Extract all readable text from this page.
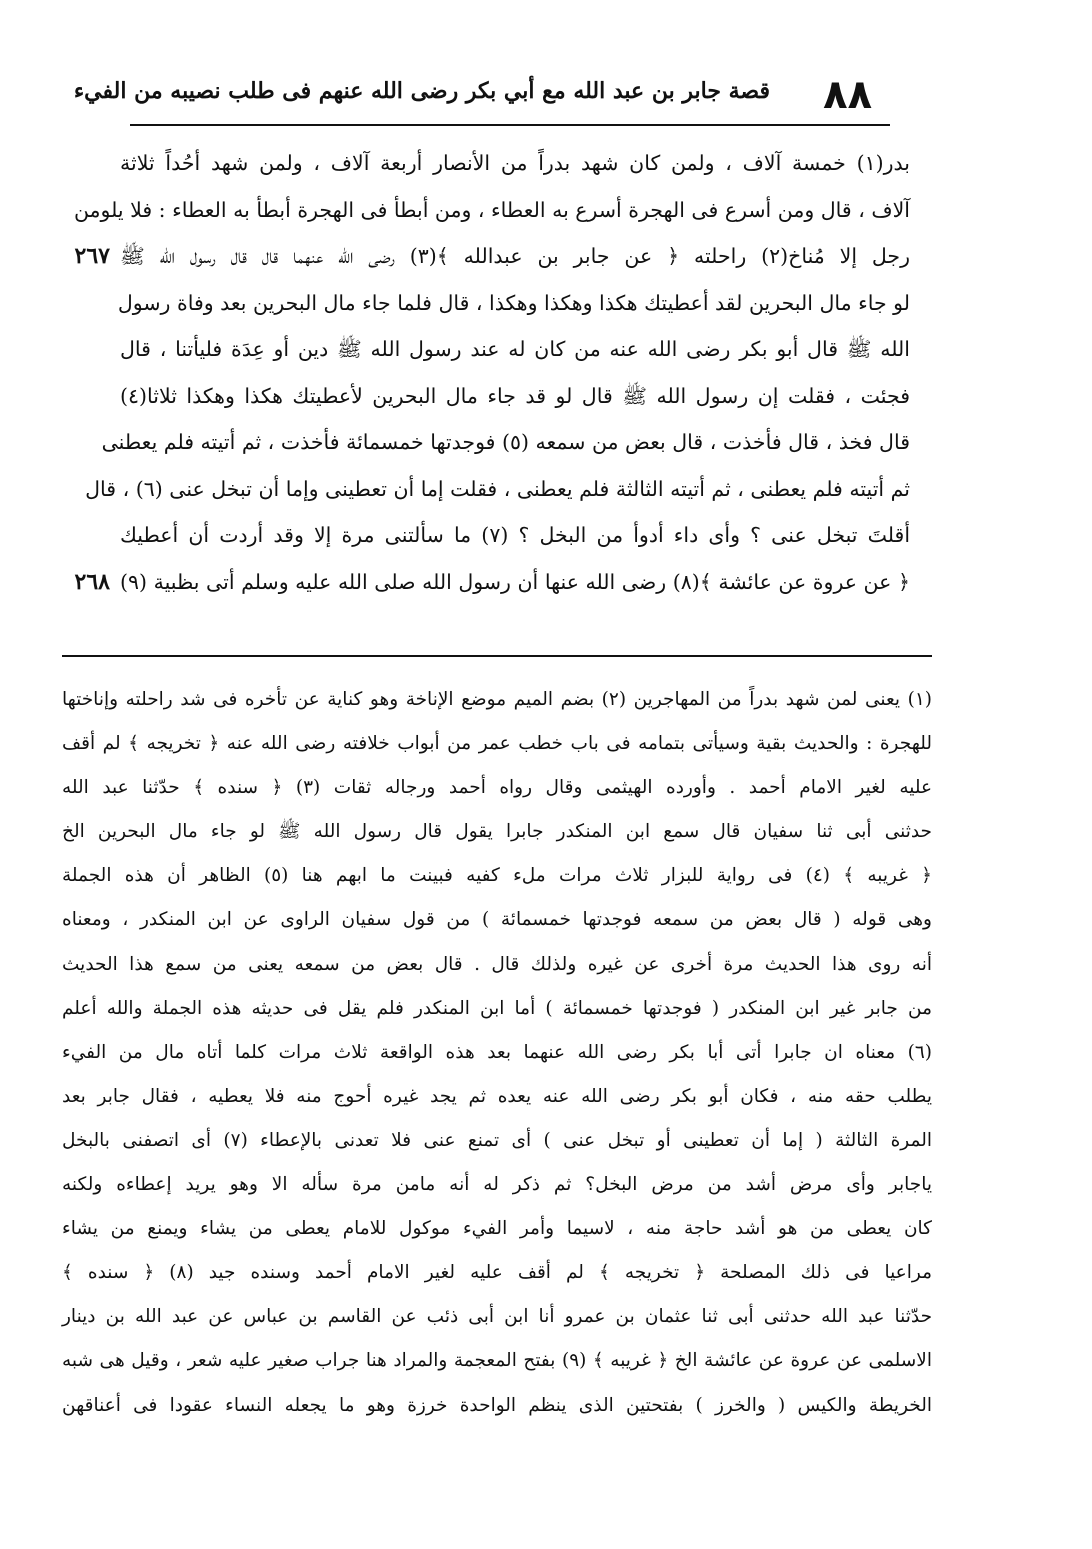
٨٨
قصة جابر بن عبد الله مع أبي بكر رضى الله عنهم فى طلب نصيبه من الفيء
بدر(١) خمسة آلاف ، ولمن كان شهد بدراً من الأنصار أربعة آلاف ، ولمن شهد أحُداً ثلاثة
آلاف ، قال ومن أسرع فى الهجرة أسرع به العطاء ، ومن أبطأ فى الهجرة أبطأ به العطاء : فلا يلومن
رجل إلا مُناخ(٢) راحلته ﴿ عن جابر بن عبدالله ﴾(٣) رضى الله عنهما قال قال رسول الله ﷺ
٢٦٧
لو جاء مال البحرين لقد أعطيتك هكذا وهكذا وهكذا ، قال فلما جاء مال البحرين بعد وفاة رسول
الله ﷺ قال أبو بكر رضى الله عنه من كان له عند رسول الله ﷺ دين أو عِدَة فليأتنا ، قال
فجئت ، فقلت إن رسول الله ﷺ قال لو قد جاء مال البحرين لأعطيتك هكذا وهكذا ثلاثا(٤)
قال فخذ ، قال فأخذت ، قال بعض من سمعه (٥) فوجدتها خمسمائة فأخذت ، ثم أتيته فلم يعطنى
ثم أتيته فلم يعطنى ، ثم أتيته الثالثة فلم يعطنى ، فقلت إما أن تعطينى وإما أن تبخل عنى (٦) ، قال
أقلتَ تبخل عنى ؟ وأى داء أدوأ من البخل ؟ (٧) ما سألتنى مرة إلا وقد أردت أن أعطيك
﴿ عن عروة عن عائشة ﴾(٨) رضى الله عنها أن رسول الله صلى الله عليه وسلم أتى بظبية (٩)
٢٦٨
(١) يعنى لمن شهد بدراً من المهاجرين (٢) بضم الميم موضع الإناخة وهو كناية عن تأخره فى شد راحلته وإناختها
للهجرة : والحديث بقية وسيأتى بتمامه فى باب خطب عمر من أبواب خلافته رضى الله عنه ﴿ تخريجه ﴾ لم أقف
عليه لغير الامام أحمد . وأورده الهيثمى وقال رواه أحمد ورجاله ثقات (٣) ﴿ سنده ﴾ حدّثنا عبد الله
حدثنى أبى ثنا سفيان قال سمع ابن المنكدر جابرا يقول قال رسول الله ﷺ لو جاء مال البحرين الخ
﴿ غريبه ﴾ (٤) فى رواية للبزار ثلاث مرات ملء كفيه فبينت ما ابهم هنا (٥) الظاهر أن هذه الجملة
وهى قوله ( قال بعض من سمعه فوجدتها خمسمائة ) من قول سفيان الراوى عن ابن المنكدر ، ومعناه
أنه روى هذا الحديث مرة أخرى عن غيره ولذلك قال . قال بعض من سمعه يعنى من سمع هذا الحديث
من جابر غير ابن المنكدر ( فوجدتها خمسمائة ) أما ابن المنكدر فلم يقل فى حديثه هذه الجملة والله أعلم
(٦) معناه ان جابرا أتى أبا بكر رضى الله عنهما بعد هذه الواقعة ثلاث مرات كلما أتاه مال من الفيء
يطلب حقه منه ، فكان أبو بكر رضى الله عنه يعده ثم يجد غيره أحوج منه فلا يعطيه ، فقال جابر بعد
المرة الثالثة ( إما أن تعطينى أو تبخل عنى ) أى تمنع عنى فلا تعدنى بالإعطاء (٧) أى اتصفنى بالبخل
ياجابر وأى مرض أشد من مرض البخل؟ ثم ذكر له أنه مامن مرة سأله الا وهو يريد إعطاءه ولكنه
كان يعطى من هو أشد حاجة منه ، لاسيما وأمر الفيء موكول للامام يعطى من يشاء ويمنع من يشاء
مراعيا فى ذلك المصلحة ﴿ تخريجه ﴾ لم أقف عليه لغير الامام أحمد وسنده جيد (٨) ﴿ سنده ﴾
حدّثنا عبد الله حدثنى أبى ثنا عثمان بن عمرو أنا ابن أبى ذئب عن القاسم بن عباس عن عبد الله بن دينار
الاسلمى عن عروة عن عائشة الخ ﴿ غريبه ﴾ (٩) بفتح المعجمة والمراد هنا جراب صغير عليه شعر ، وقيل هى شبه
الخريطة والكيس ( والخرز ) بفتحتين الذى ينظم الواحدة خرزة وهو ما يجعله النساء عقودا فى أعناقهن
